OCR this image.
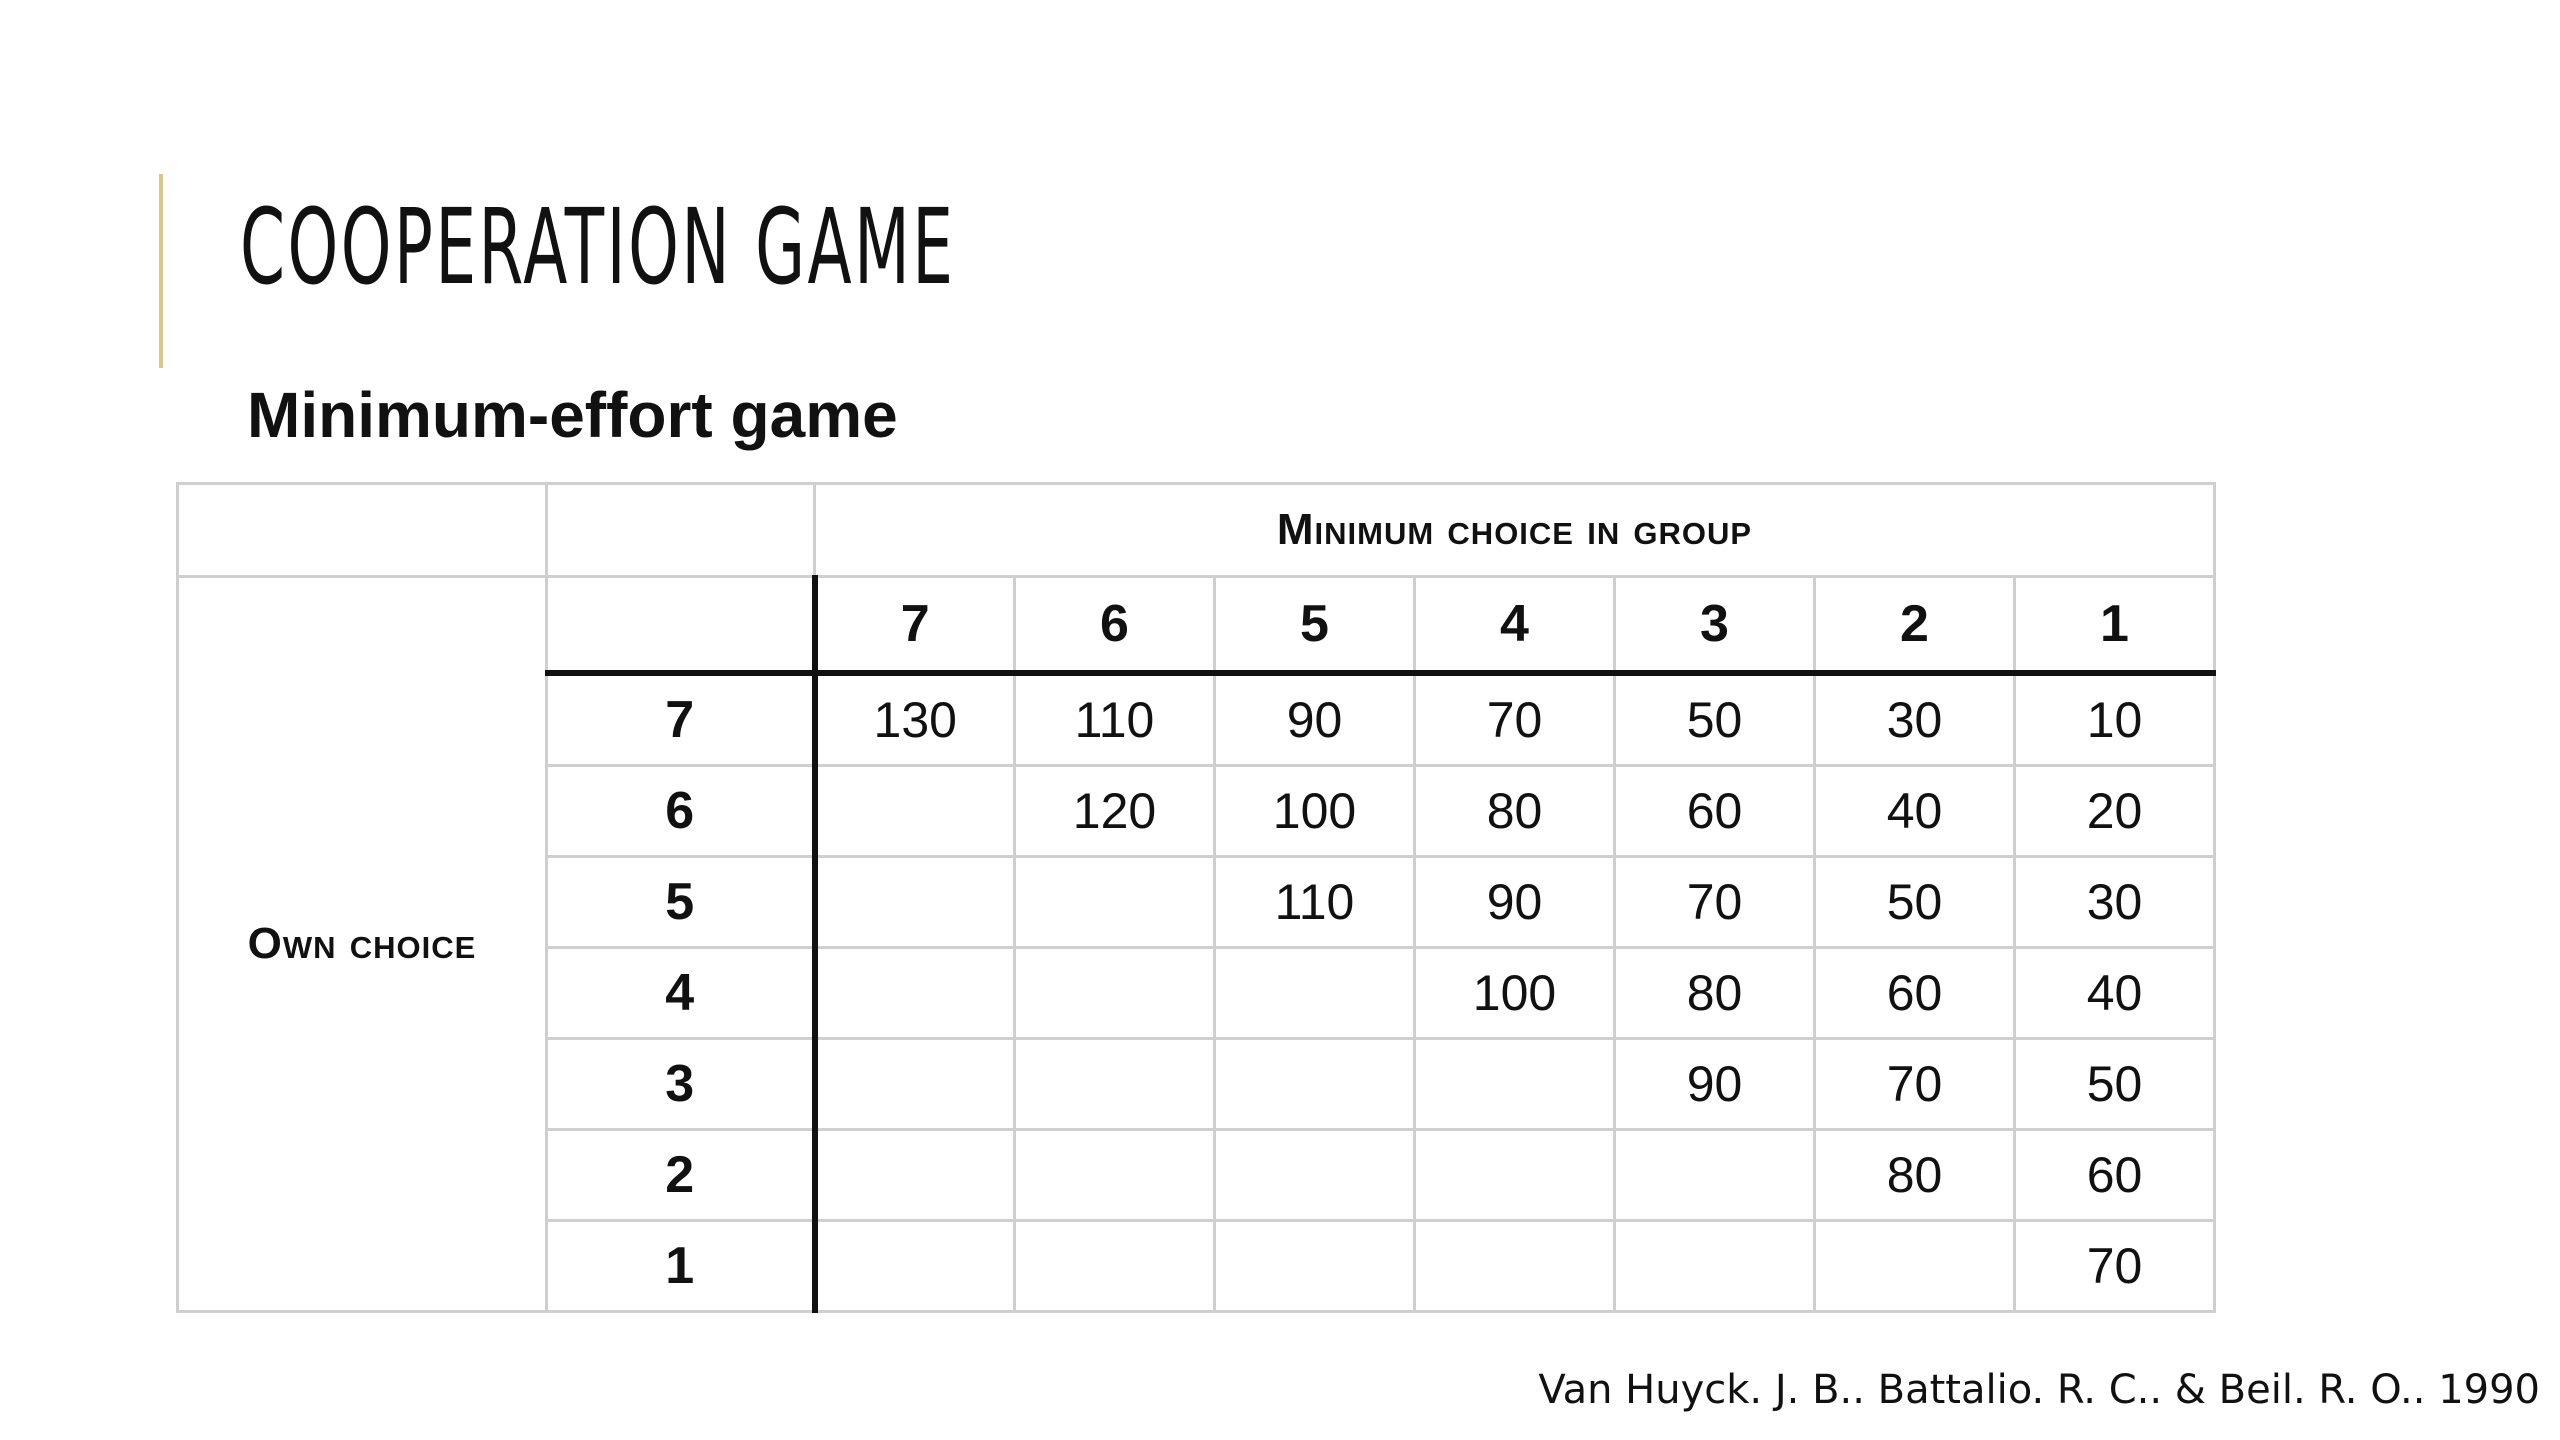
COOPERATION GAME
Minimum-effort game
		Minimum choice in group						
Own choice		7	6	5	4	3	2	1
	7	130	110	90	70	50	30	10
	6		120	100	80	60	40	20
	5			110	90	70	50	30
	4				100	80	60	40
	3					90	70	50
	2						80	60
	1							70
Van Huyck. J. B.. Battalio. R. C.. & Beil. R. O.. 1990
